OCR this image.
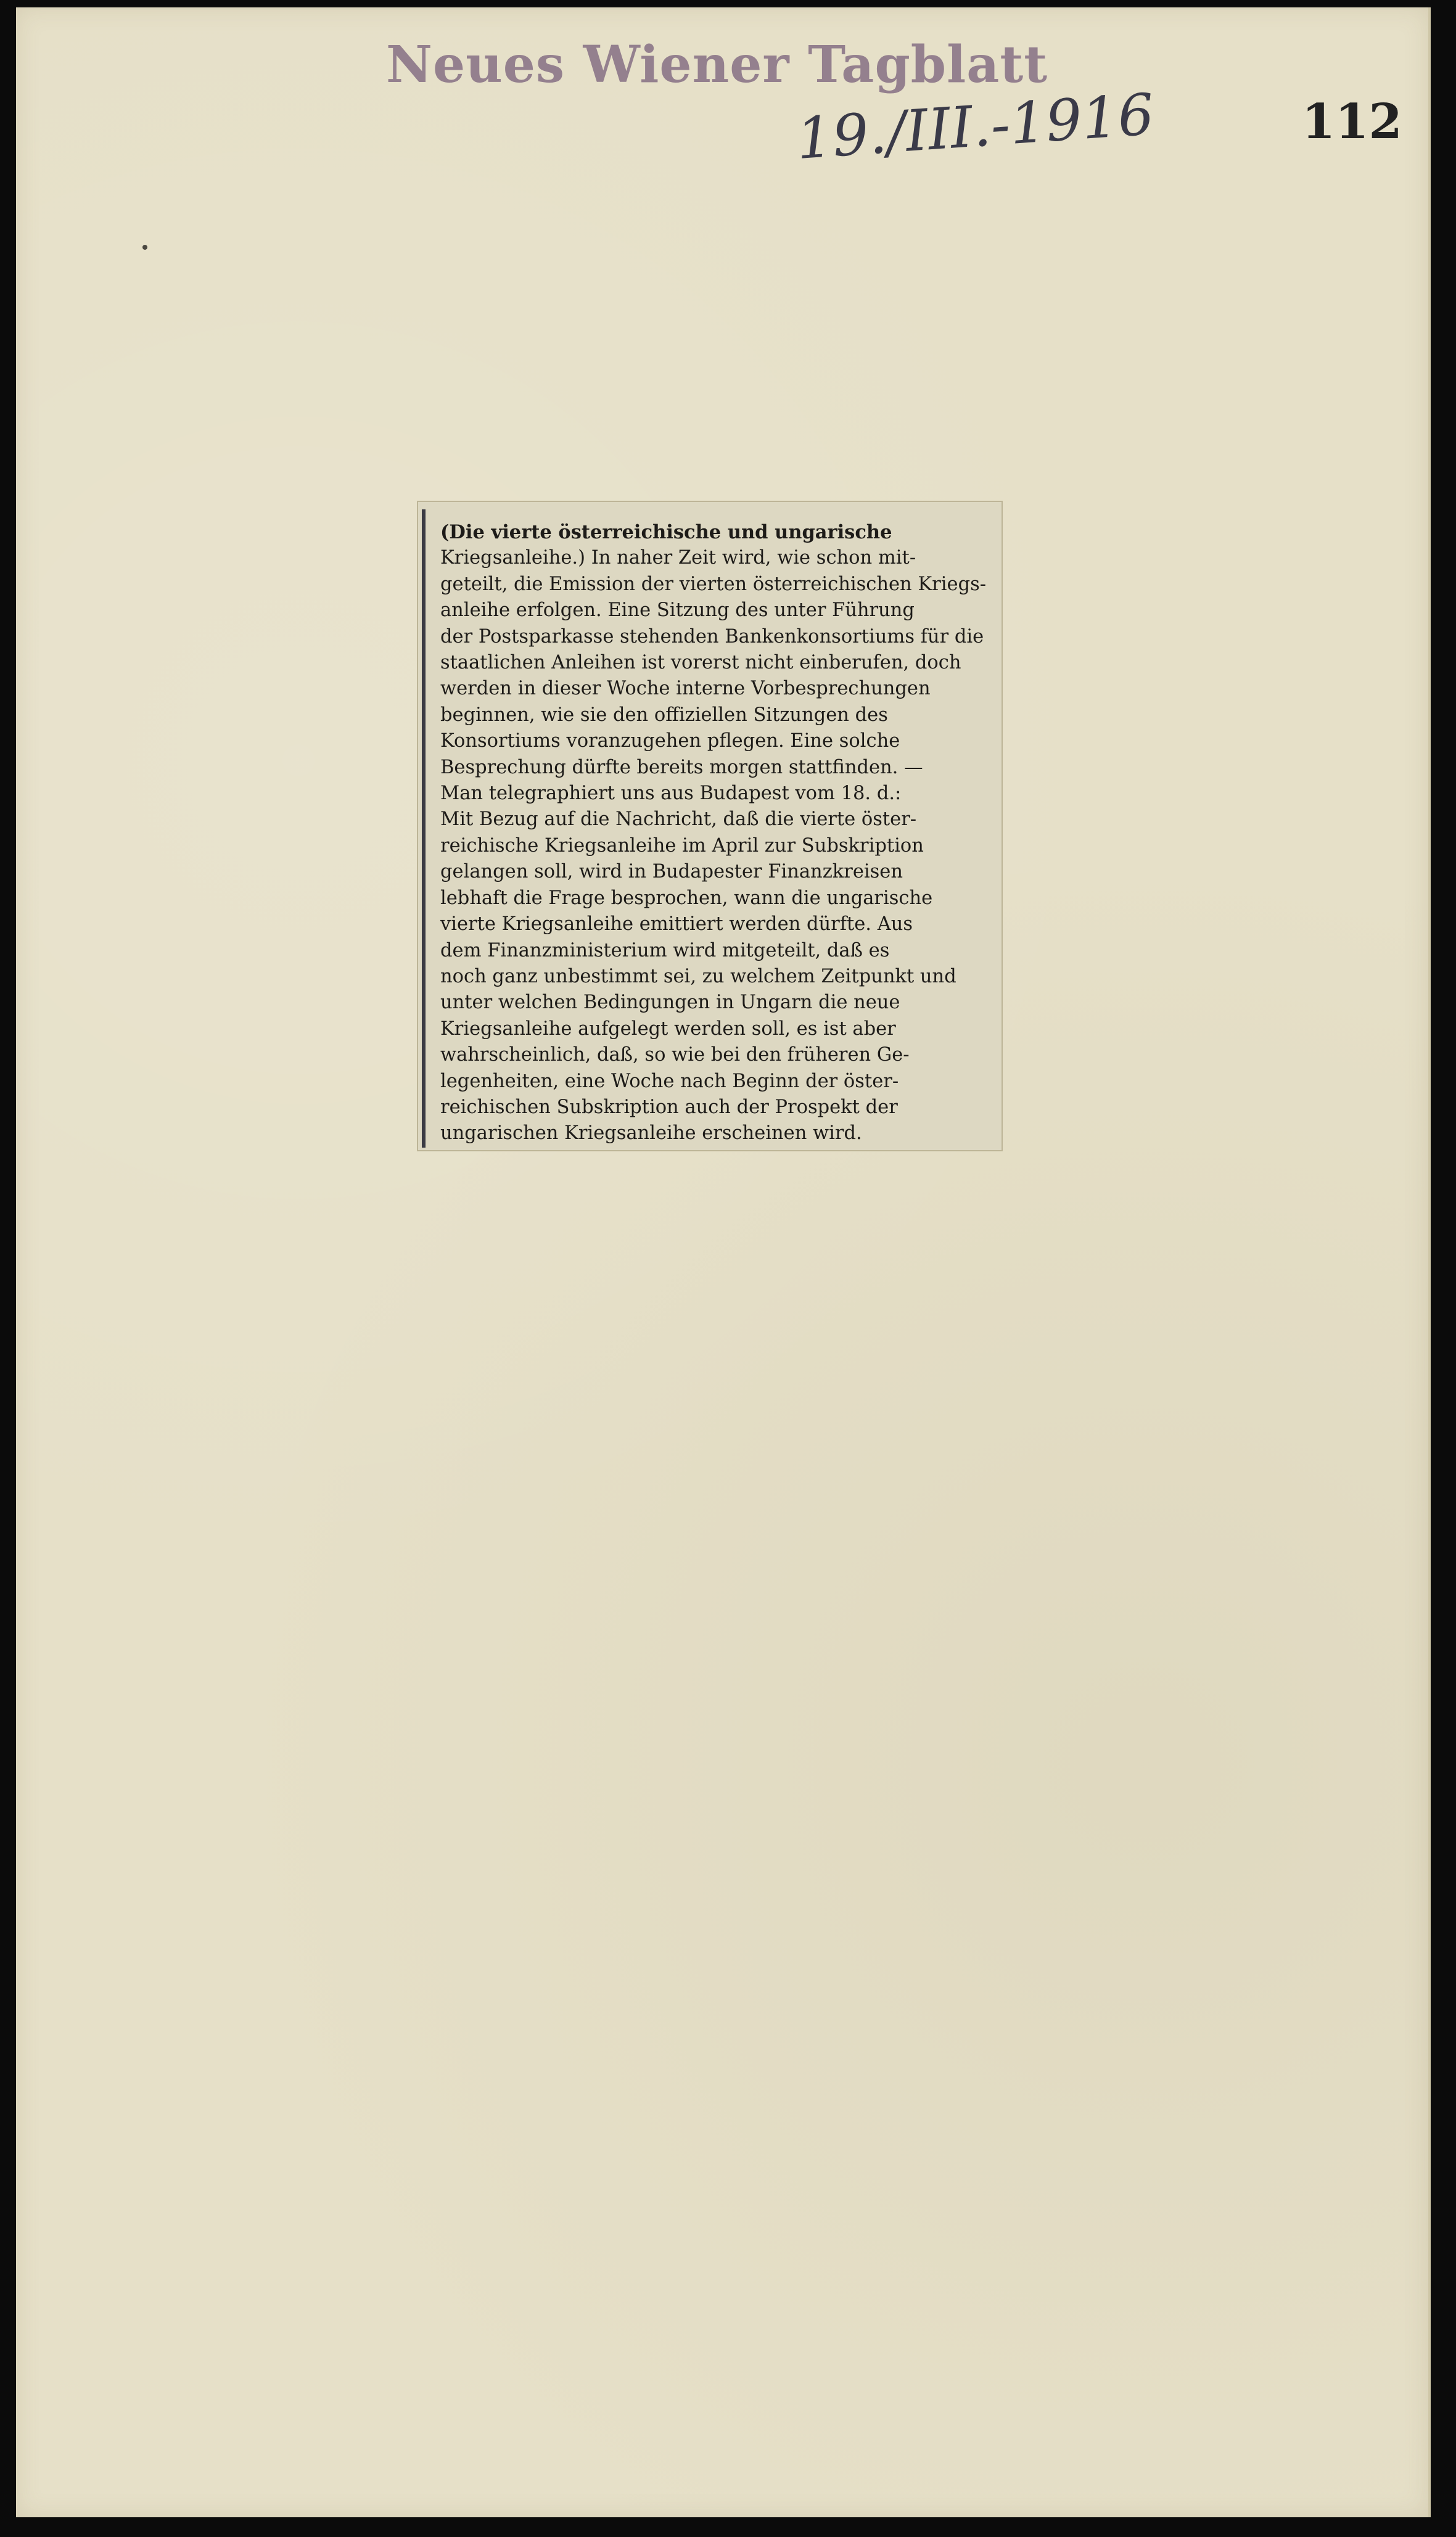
Neues Wiener Tagblatt
19./III.-1916	112
(Die vierte österreichische und ungarische
Kriegsanleihe.) In naher Zeit wird, wie schon mit-
geteilt, die Emission der vierten österreichischen Kriegs-
anleihe erfolgen. Eine Sitzung des unter Führung
der Postsparkasse stehenden Bankenkonsortiums für die
staatlichen Anleihen ist vorerst nicht einberufen, doch
werden in dieser Woche interne Vorbesprechungen
beginnen, wie sie den offiziellen Sitzungen des
Konsortiums voranzugehen pflegen. Eine solche
Besprechung dürfte bereits morgen stattfinden. —
Man telegraphiert uns aus Budapest vom 18. d.:
Mit Bezug auf die Nachricht, daß die vierte öster-
reichische Kriegsanleihe im April zur Subskription
gelangen soll, wird in Budapester Finanzkreisen
lebhaft die Frage besprochen, wann die ungarische
vierte Kriegsanleihe emittiert werden dürfte. Aus
dem Finanzministerium wird mitgeteilt, daß es
noch ganz unbestimmt sei, zu welchem Zeitpunkt und
unter welchen Bedingungen in Ungarn die neue
Kriegsanleihe aufgelegt werden soll, es ist aber
wahrscheinlich, daß, so wie bei den früheren Ge-
legenheiten, eine Woche nach Beginn der öster-
reichischen Subskription auch der Prospekt der
ungarischen Kriegsanleihe erscheinen wird.
